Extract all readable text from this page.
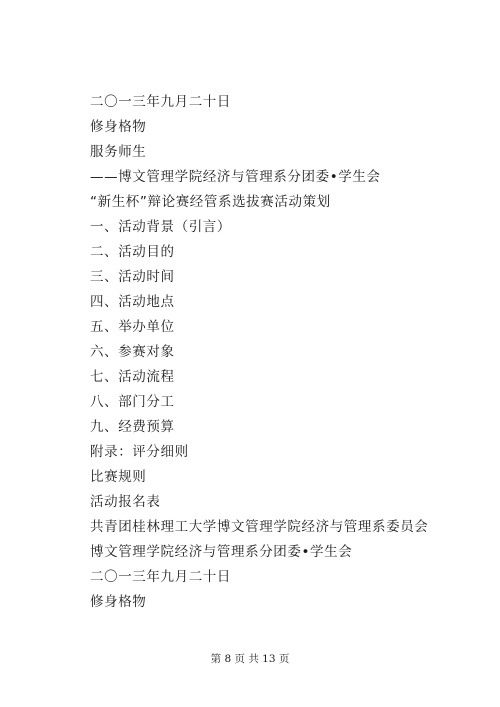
二〇一三年九月二十日
修身格物
服务师生
——博文管理学院经济与管理系分团委•学生会
“新生杯”辩论赛经管系选拔赛活动策划
一、活动背景（引言）
二、活动目的
三、活动时间
四、活动地点
五、举办单位
六、参赛对象
七、活动流程
八、部门分工
九、经费预算
附录：评分细则
比赛规则
活动报名表
共青团桂林理工大学博文管理学院经济与管理系委员会
博文管理学院经济与管理系分团委•学生会
二〇一三年九月二十日
修身格物
第 8 页 共 13 页
